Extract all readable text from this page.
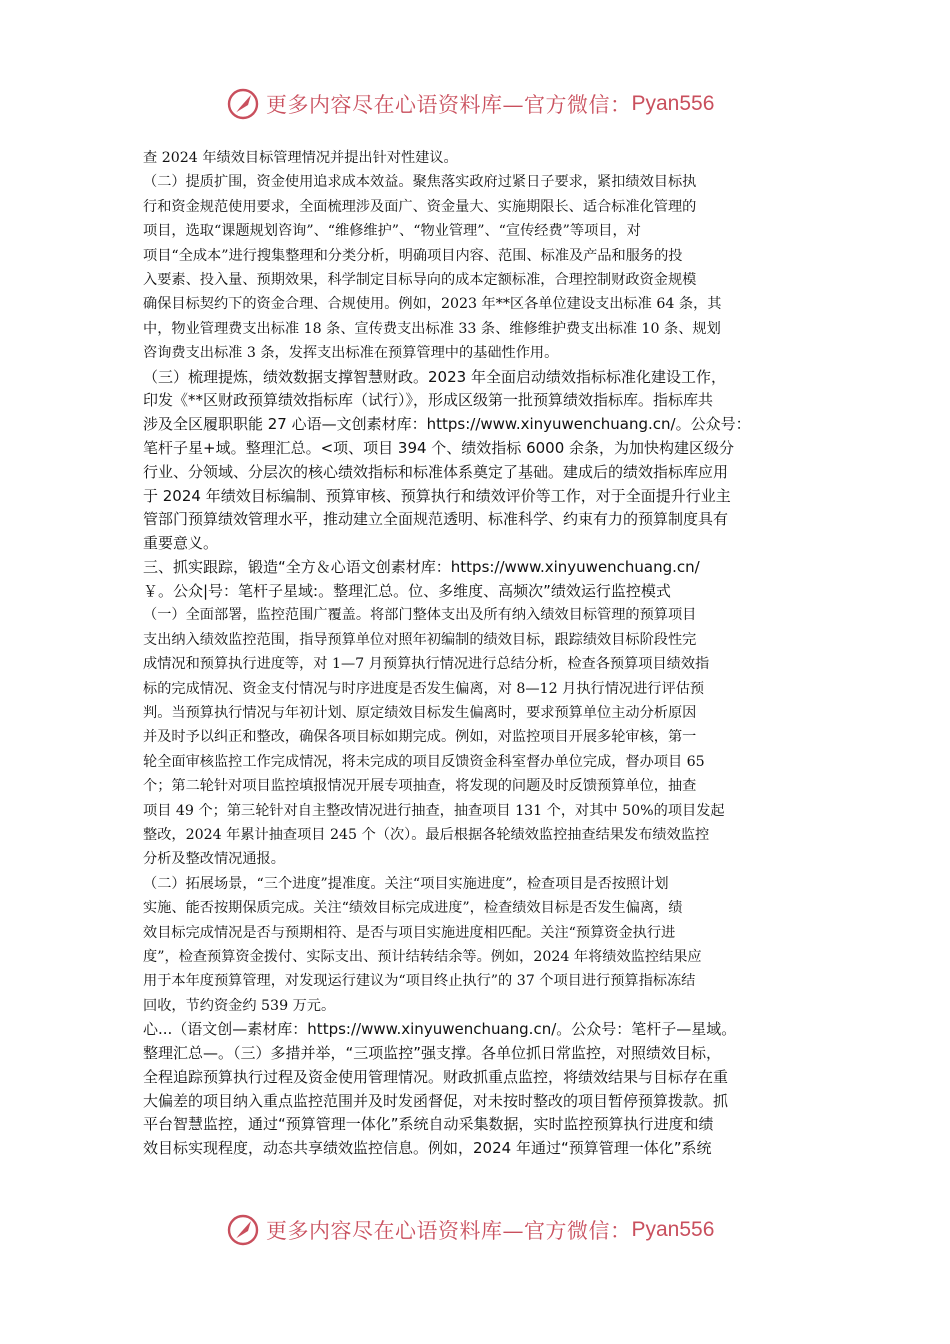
更多内容尽在心语资料库—官方微信： Pyan556
查 2024 年绩效目标管理情况并提出针对性建议。
（二）提质扩围，资金使用追求成本效益。聚焦落实政府过紧日子要求，紧扣绩效目标执
行和资金规范使用要求，全面梳理涉及面广、资金量大、实施期限长、适合标准化管理的
项目，选取“课题规划咨询”、“维修维护”、“物业管理”、“宣传经费”等项目，对
项目“全成本”进行搜集整理和分类分析，明确项目内容、范围、标准及产品和服务的投
入要素、投入量、预期效果，科学制定目标导向的成本定额标准，合理控制财政资金规模
确保目标契约下的资金合理、合规使用。例如，2023 年**区各单位建设支出标准 64 条，其
中，物业管理费支出标准 18 条、宣传费支出标准 33 条、维修维护费支出标准 10 条、规划
咨询费支出标准 3 条，发挥支出标准在预算管理中的基础性作用。
（三）梳理提炼，绩效数据支撑智慧财政。2023 年全面启动绩效指标标准化建设工作，
印发《**区财政预算绩效指标库（试行）》，形成区级第一批预算绩效指标库。指标库共
涉及全区履职职能 27 心语—文创素材库：https://www.xinyuwenchuang.cn/。公众号：
笔杆子星+域。整理汇总。<项、项目 394 个、绩效指标 6000 余条，为加快构建区级分
行业、分领域、分层次的核心绩效指标和标准体系奠定了基础。建成后的绩效指标库应用
于 2024 年绩效目标编制、预算审核、预算执行和绩效评价等工作，对于全面提升行业主
管部门预算绩效管理水平，推动建立全面规范透明、标准科学、约束有力的预算制度具有
重要意义。
三、抓实跟踪，锻造“全方＆心语文创素材库：https://www.xinyuwenchuang.cn/
￥。公众|号：笔杆子星域:。整理汇总。位、多维度、高频次”绩效运行监控模式
（一）全面部署，监控范围广覆盖。将部门整体支出及所有纳入绩效目标管理的预算项目
支出纳入绩效监控范围，指导预算单位对照年初编制的绩效目标，跟踪绩效目标阶段性完
成情况和预算执行进度等，对 1—7 月预算执行情况进行总结分析，检查各预算项目绩效指
标的完成情况、资金支付情况与时序进度是否发生偏离，对 8—12 月执行情况进行评估预
判。当预算执行情况与年初计划、原定绩效目标发生偏离时，要求预算单位主动分析原因
并及时予以纠正和整改，确保各项目标如期完成。例如，对监控项目开展多轮审核，第一
轮全面审核监控工作完成情况，将未完成的项目反馈资金科室督办单位完成，督办项目 65
个；第二轮针对项目监控填报情况开展专项抽查，将发现的问题及时反馈预算单位，抽查
项目 49 个；第三轮针对自主整改情况进行抽查，抽查项目 131 个，对其中 50%的项目发起
整改，2024 年累计抽查项目 245 个（次）。最后根据各轮绩效监控抽查结果发布绩效监控
分析及整改情况通报。
（二）拓展场景，“三个进度”提准度。关注“项目实施进度”，检查项目是否按照计划
实施、能否按期保质完成。关注“绩效目标完成进度”，检查绩效目标是否发生偏离，绩
效目标完成情况是否与预期相符、是否与项目实施进度相匹配。关注“预算资金执行进
度”，检查预算资金拨付、实际支出、预计结转结余等。例如，2024 年将绩效监控结果应
用于本年度预算管理，对发现运行建议为“项目终止执行”的 37 个项目进行预算指标冻结
回收，节约资金约 539 万元。
心...（语文创—素材库：https://www.xinyuwenchuang.cn/。公众号：笔杆子—星域。
整理汇总—。（三）多措并举，“三项监控”强支撑。各单位抓日常监控，对照绩效目标，
全程追踪预算执行过程及资金使用管理情况。财政抓重点监控，将绩效结果与目标存在重
大偏差的项目纳入重点监控范围并及时发函督促，对未按时整改的项目暂停预算拨款。抓
平台智慧监控，通过“预算管理一体化”系统自动采集数据，实时监控预算执行进度和绩
效目标实现程度，动态共享绩效监控信息。例如，2024 年通过“预算管理一体化”系统
更多内容尽在心语资料库—官方微信： Pyan556
